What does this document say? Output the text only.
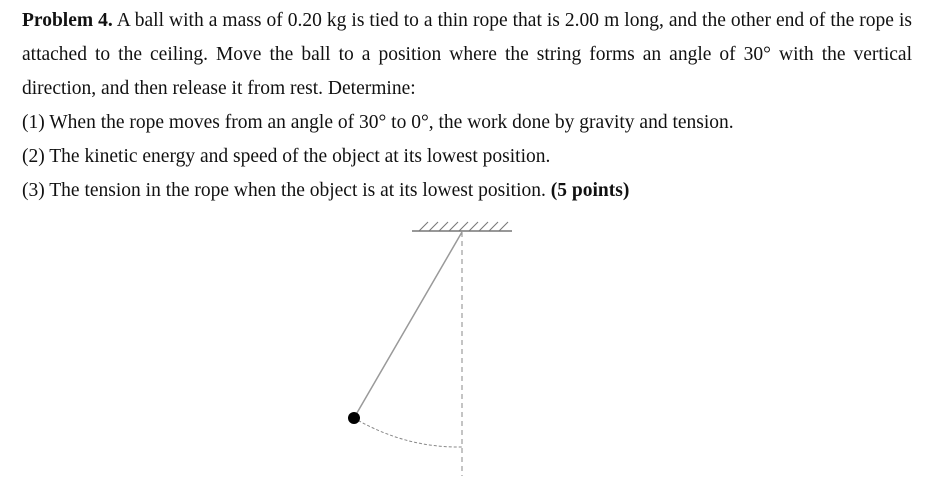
Problem 4. A ball with a mass of 0.20 kg is tied to a thin rope that is 2.00 m long, and the other end of the rope is attached to the ceiling. Move the ball to a position where the string forms an angle of 30° with the vertical direction, and then release it from rest. Determine:

(1) When the rope moves from an angle of 30° to 0°, the work done by gravity and tension.

(2) The kinetic energy and speed of the object at its lowest position.

(3) The tension in the rope when the object is at its lowest position. (5 points)
